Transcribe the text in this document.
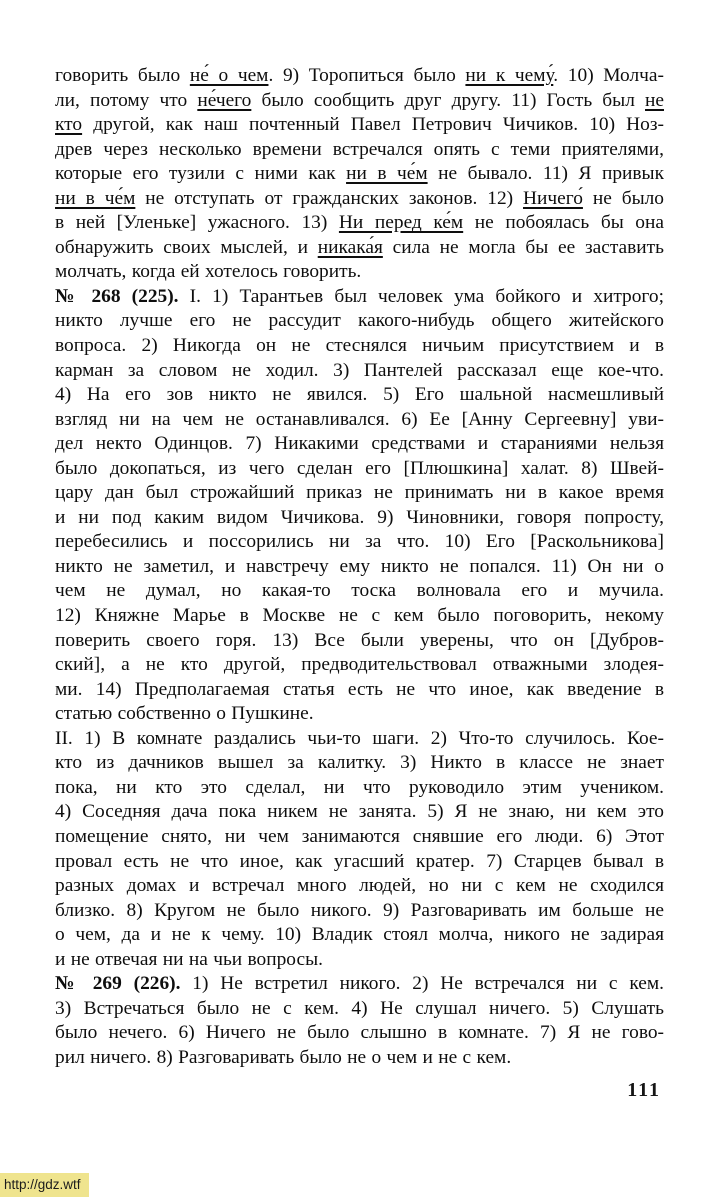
говорить было не́ о чем. 9) Торопиться было ни к чему́. 10) Молча-
ли, потому что не́чего было сообщить друг другу. 11) Гость был не
кто другой, как наш почтенный Павел Петрович Чичиков. 10) Ноз-
древ через несколько времени встречался опять с теми приятелями,
которые его тузили с ними как ни в че́м не бывало. 11) Я привык
ни в че́м не отступать от гражданских законов. 12) Ничего́ не было
в ней [Уленьке] ужасного. 13) Ни перед ке́м не побоялась бы она
обнаружить своих мыслей, и никака́я сила не могла бы ее заставить
молчать, когда ей хотелось говорить.
№ 268 (225). I. 1) Тарантьев был человек ума бойкого и хитрого;
никто лучше его не рассудит какого-нибудь общего житейского
вопроса. 2) Никогда он не стеснялся ничьим присутствием и в
карман за словом не ходил. 3) Пантелей рассказал еще кое-что.
4) На его зов никто не явился. 5) Его шальной насмешливый
взгляд ни на чем не останавливался. 6) Ее [Анну Сергеевну] уви-
дел некто Одинцов. 7) Никакими средствами и стараниями нельзя
было докопаться, из чего сделан его [Плюшкина] халат. 8) Швей-
цару дан был строжайший приказ не принимать ни в какое время
и ни под каким видом Чичикова. 9) Чиновники, говоря попросту,
перебесились и поссорились ни за что. 10) Его [Раскольникова]
никто не заметил, и навстречу ему никто не попался. 11) Он ни о
чем не думал, но какая-то тоска волновала его и мучила.
12) Княжне Марье в Москве не с кем было поговорить, некому
поверить своего горя. 13) Все были уверены, что он [Дубров-
ский], а не кто другой, предводительствовал отважными злодея-
ми. 14) Предполагаемая статья есть не что иное, как введение в
статью собственно о Пушкине.
II. 1) В комнате раздались чьи-то шаги. 2) Что-то случилось. Кое-
кто из дачников вышел за калитку. 3) Никто в классе не знает
пока, ни кто это сделал, ни что руководило этим учеником.
4) Соседняя дача пока никем не занята. 5) Я не знаю, ни кем это
помещение снято, ни чем занимаются снявшие его люди. 6) Этот
провал есть не что иное, как угасший кратер. 7) Старцев бывал в
разных домах и встречал много людей, но ни с кем не сходился
близко. 8) Кругом не было никого. 9) Разговаривать им больше не
о чем, да и не к чему. 10) Владик стоял молча, никого не задирая
и не отвечая ни на чьи вопросы.
№ 269 (226). 1) Не встретил никого. 2) Не встречался ни с кем.
3) Встречаться было не с кем. 4) Не слушал ничего. 5) Слушать
было нечего. 6) Ничего не было слышно в комнате. 7) Я не гово-
рил ничего. 8) Разговаривать было не о чем и не с кем.
111
http://gdz.wtf
